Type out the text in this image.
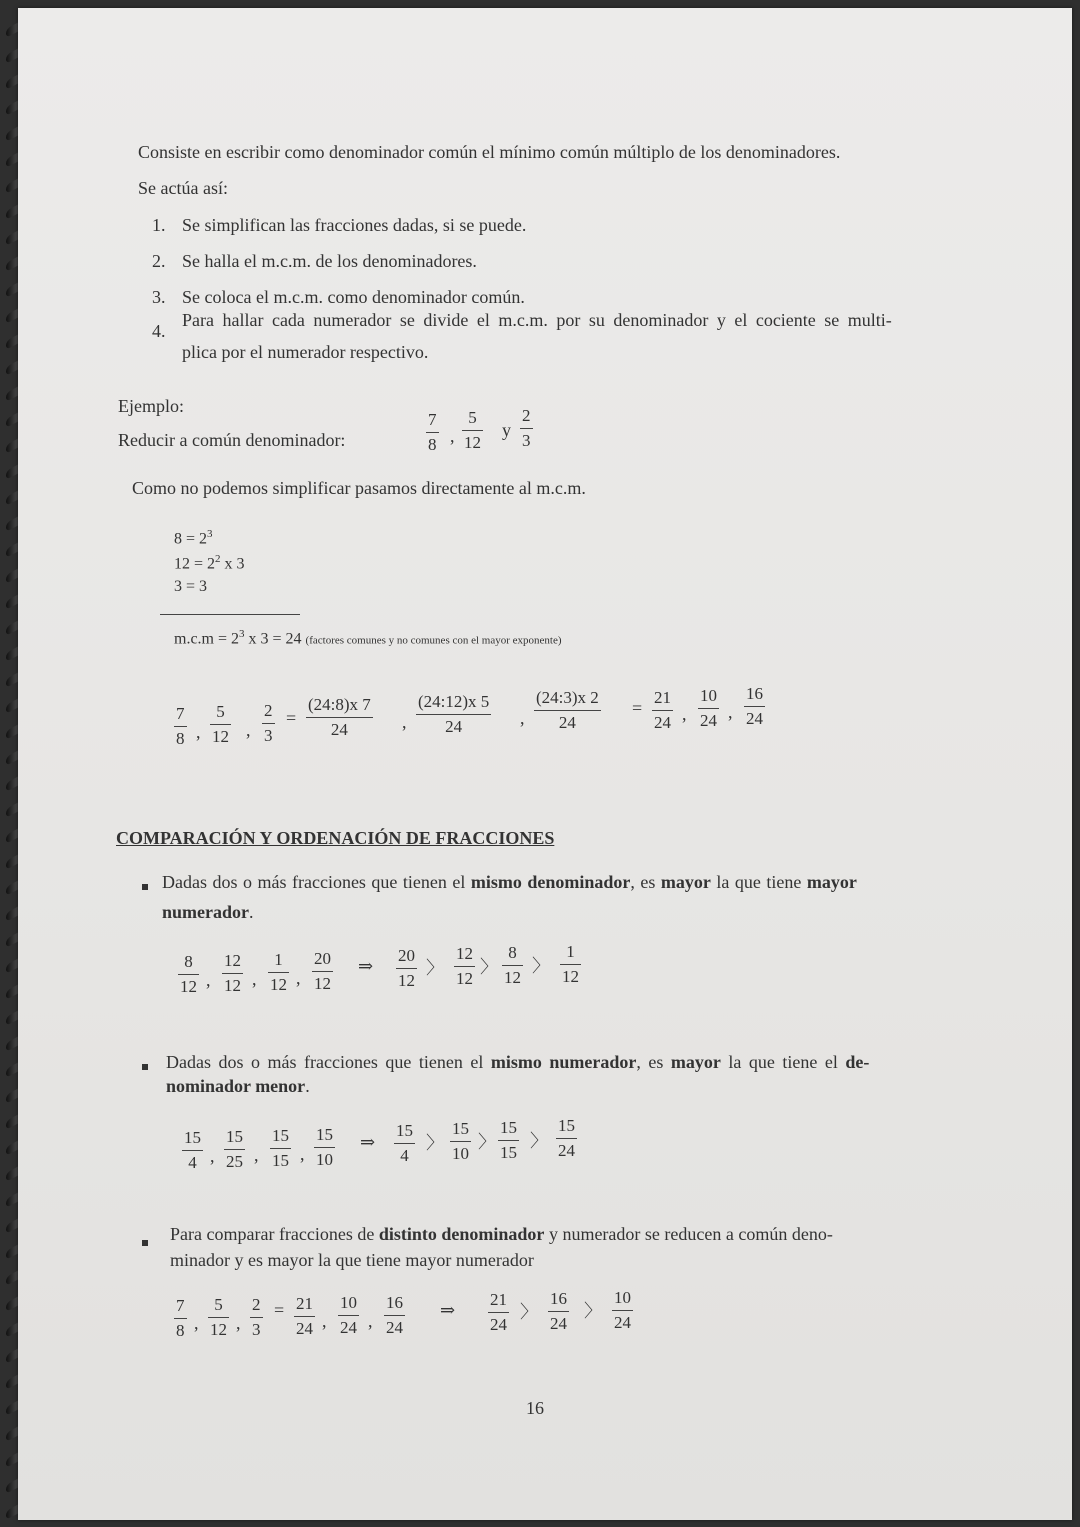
Consiste en escribir como denominador común el mínimo común múltiplo de los denominadores.
Se actúa así:
1. Se simplifican las fracciones dadas, si se puede.
2. Se halla el m.c.m. de los denominadores.
3. Se coloca el m.c.m. como denominador común.
4.
Para hallar cada numerador se divide el m.c.m. por su denominador y el cociente se multi-
plica por el numerador respectivo.
Ejemplo:
Reducir a común denominador:
7
8 ,
5
12
y
2
3
Como no podemos simplificar pasamos directamente al m.c.m.
$8 = 2^3$
$12 = 2^2$ x 3
3 = 3
$m.c.m = 2^3$ x 3 = 24 (factores comunes y no comunes con el mayor exponente)
7
8 ,
5
12 ,
2
3
=
(24:8)x 7
24	,
(24:12)x 5
24	,
(24:3)x 2
24
=
21
24 ,
10
24 ,
16
24
COMPARACIÓN Y ORDENACIÓN DE FRACCIONES
Dadas dos o más fracciones que tienen el mismo denominador, es mayor la que tiene mayor
numerador.
8
12
12
12
1
12
20
12
20
12
12
12
8
12
1
12
, , ,
⇒	〉 〉 〉
Dadas dos o más fracciones que tienen el mismo numerador, es mayor la que tiene el de-
nominador menor.
15
4
15
25
15
15
15
10
15
4
15
10
15
15
15
24
, , ,
⇒	〉 〉 〉
Para comparar fracciones de distinto denominador y numerador se reducen a común deno-
minador y es mayor la que tiene mayor numerador
7
8
5
12
2
3
21
24
10
24
16
24
21
24
16
24
10
24
, ,
=
, ,
⇒	〉	〉
16
